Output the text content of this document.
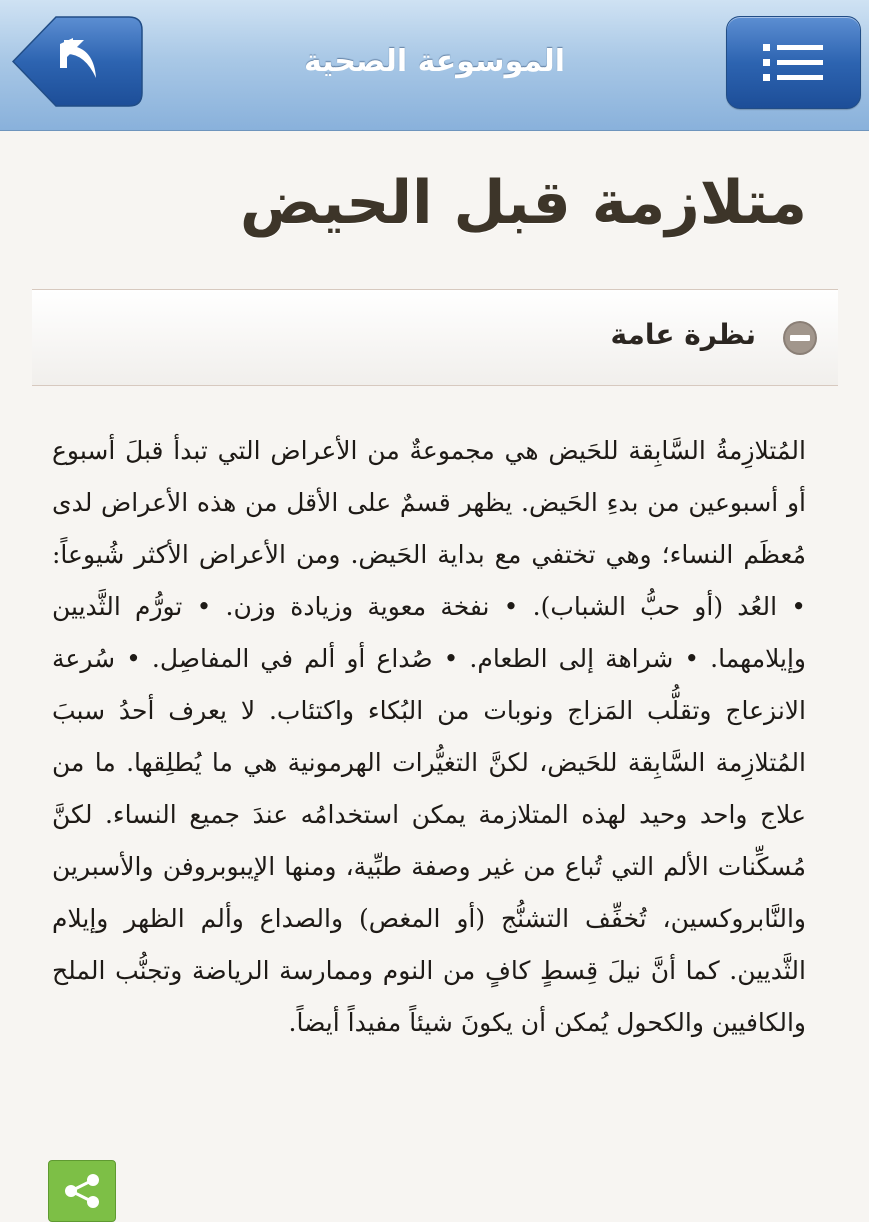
الموسوعة الصحية
متلازمة قبل الحيض
نظرة عامة
المُتلازِمةُ السَّابِقة للحَيض هي مجموعةٌ من الأعراض التي تبدأ قبلَ أسبوع أو أسبوعين من بدءِ الحَيض. يظهر قسمٌ على الأقل من هذه الأعراض لدى مُعظَم النساء؛ وهي تختفي مع بداية الحَيض. ومن الأعراض الأكثر شُيوعاً: • العُد (أو حبُّ الشباب). • نفخة معوية وزيادة وزن. • تورُّم الثَّديين وإيلامهما. • شراهة إلى الطعام. • صُداع أو ألم في المفاصِل. • سُرعة الانزعاج وتقلُّب المَزاج ونوبات من البُكاء واكتئاب. لا يعرف أحدُ سببَ المُتلازِمة السَّابِقة للحَيض، لكنَّ التغيُّرات الهرمونية هي ما يُطلِقها. ما من علاج واحد وحيد لهذه المتلازمة يمكن استخدامُه عندَ جميع النساء. لكنَّ مُسكِّنات الألم التي تُباع من غير وصفة طبِّية، ومنها الإيبوبروفن والأسبرين والنَّابروكسين، تُخفِّف التشنُّج (أو المغص) والصداع وألم الظهر وإيلام الثَّديين. كما أنَّ نيلَ قِسطٍ كافٍ من النوم وممارسة الرياضة وتجنُّب الملح والكافيين والكحول يُمكن أن يكونَ شيئاً مفيداً أيضاً.
